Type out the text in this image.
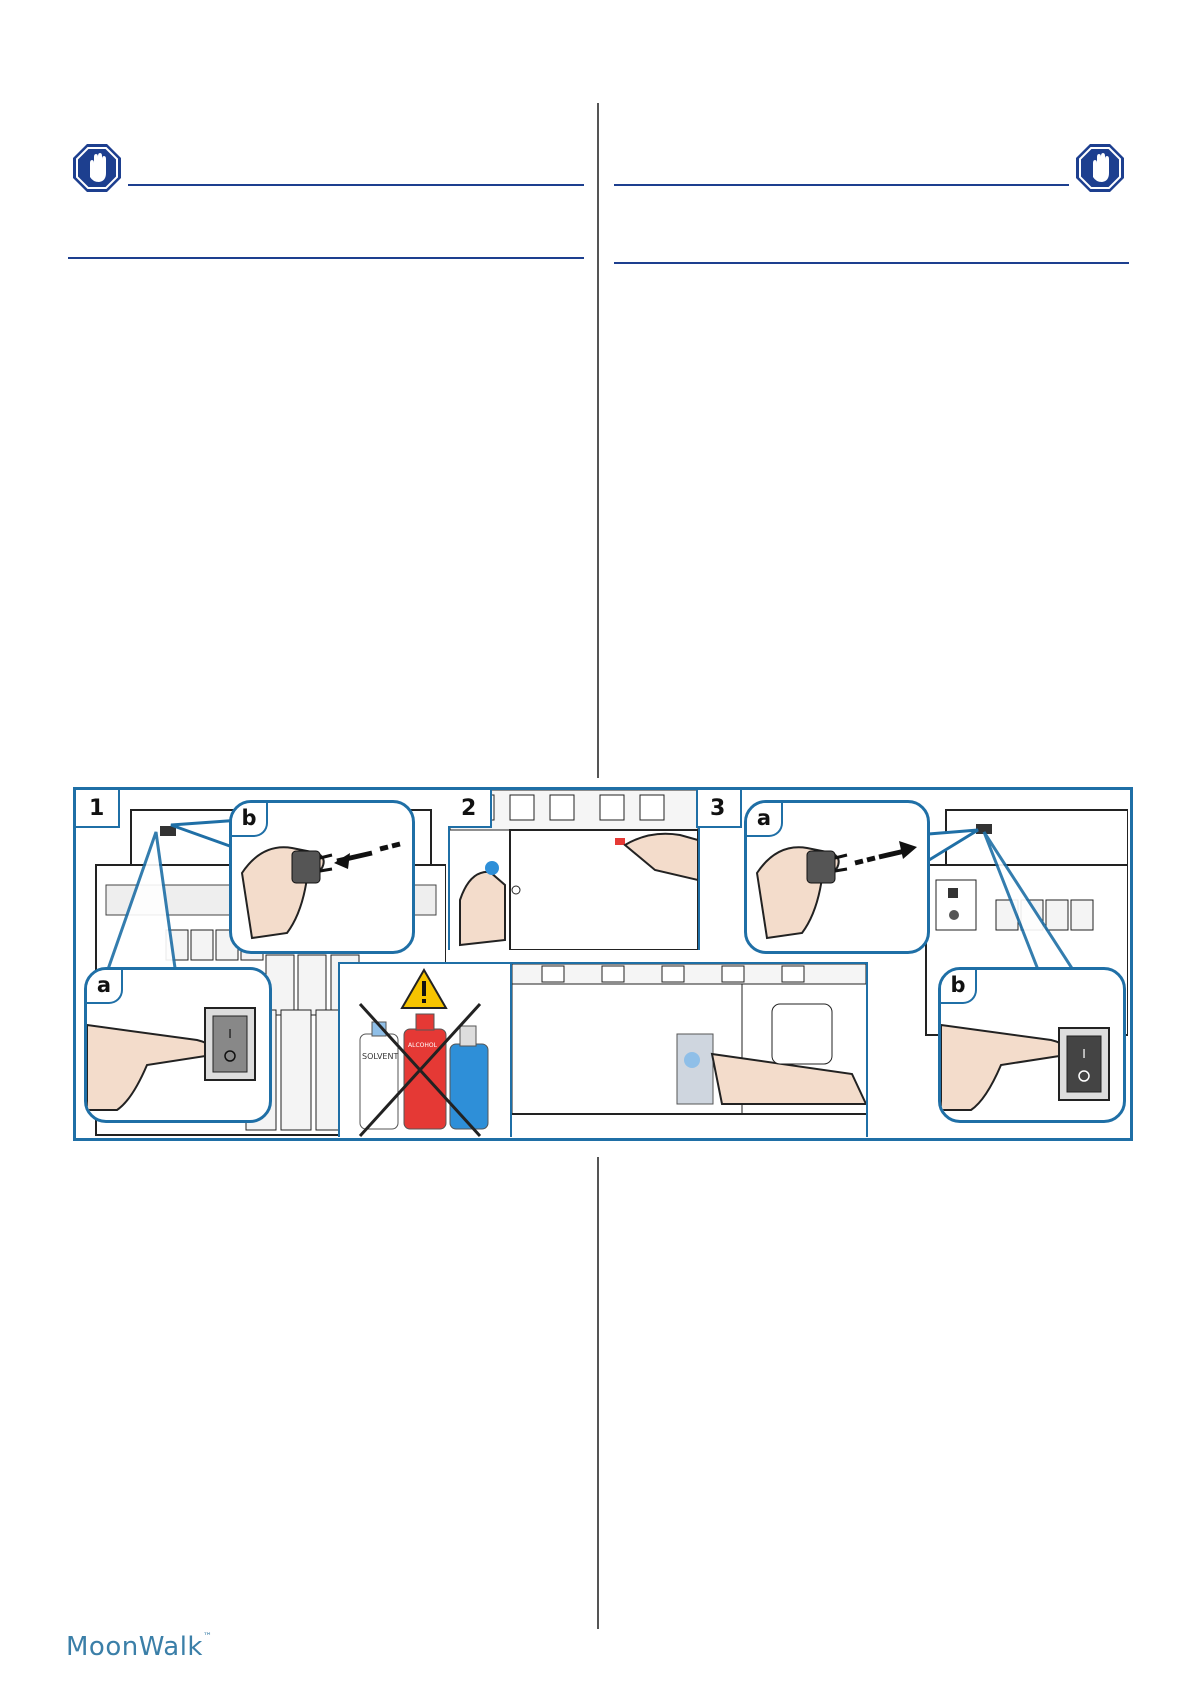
1	b
a
I
2
SOLVENT
ALCOHOL
3	a
b
I
MoonWalk™
